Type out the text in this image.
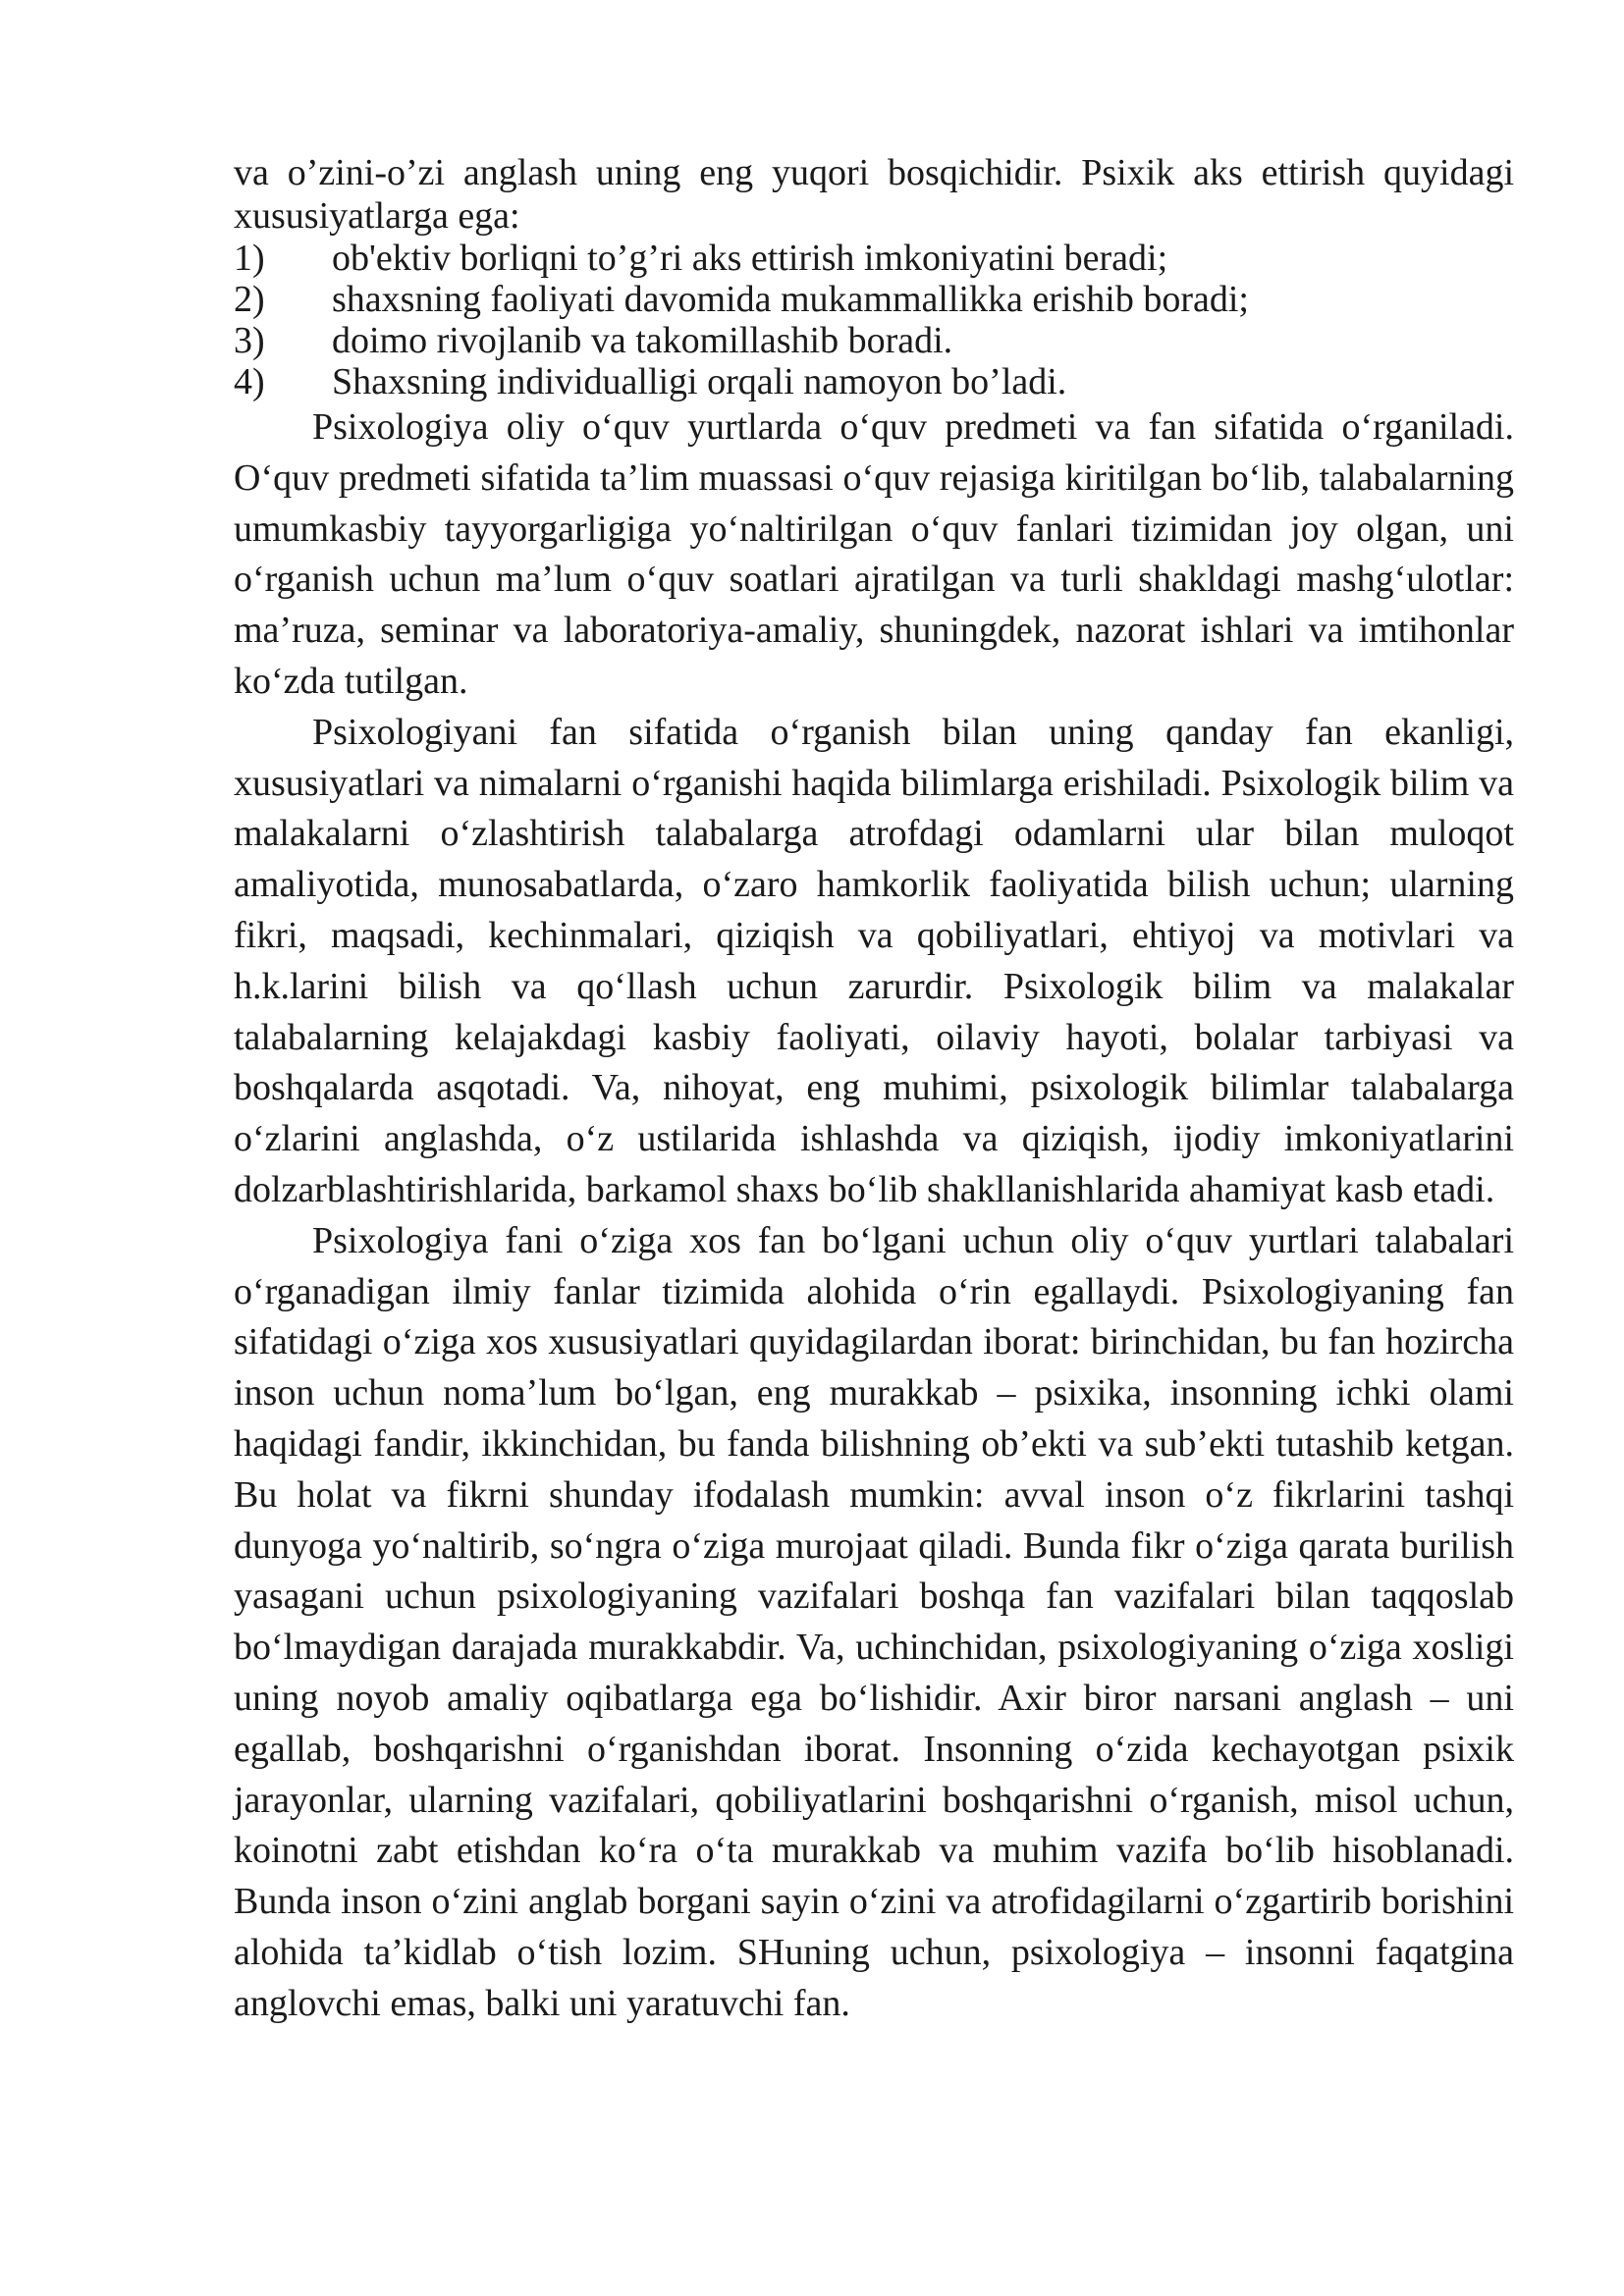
va o’zini-o’zi anglash uning eng yuqori bosqichidir. Psixik aks ettirish quyidagi xususiyatlarga ega:

1)	ob'ektiv borliqni to’g’ri aks ettirish imkoniyatini beradi;
2)	shaxsning faoliyati davomida mukammallikka erishib boradi;
3)	doimo rivojlanib va takomillashib boradi.
4)	Shaxsning individualligi orqali namoyon bo’ladi.

Psixologiya oliy o‘quv yurtlarda o‘quv predmeti va fan sifatida o‘rganiladi. O‘quv predmeti sifatida ta’lim muassasi o‘quv rejasiga kiritilgan bo‘lib, talabalarning umumkasbiy tayyorgarligiga yo‘naltirilgan o‘quv fanlari tizimidan joy olgan, uni o‘rganish uchun ma’lum o‘quv soatlari ajratilgan va turli shakldagi mashg‘ulotlar: ma’ruza, seminar va laboratoriya-amaliy, shuningdek, nazorat ishlari va imtihonlar ko‘zda tutilgan.

Psixologiyani fan sifatida o‘rganish bilan uning qanday fan ekanligi, xususiyatlari va nimalarni o‘rganishi haqida bilimlarga erishiladi. Psixologik bilim va malakalarni o‘zlashtirish talabalarga atrofdagi odamlarni ular bilan muloqot amaliyotida, munosabatlarda, o‘zaro hamkorlik faoliyatida bilish uchun; ularning fikri, maqsadi, kechinmalari, qiziqish va qobiliyatlari, ehtiyoj va motivlari va h.k.larini bilish va qo‘llash uchun zarurdir. Psixologik bilim va malakalar talabalarning kelajakdagi kasbiy faoliyati, oilaviy hayoti, bolalar tarbiyasi va boshqalarda asqotadi. Va, nihoyat, eng muhimi, psixologik bilimlar talabalarga o‘zlarini anglashda, o‘z ustilarida ishlashda va qiziqish, ijodiy imkoniyatlarini dolzarblashtirishlarida, barkamol shaxs bo‘lib shakllanishlarida ahamiyat kasb etadi.

Psixologiya fani o‘ziga xos fan bo‘lgani uchun oliy o‘quv yurtlari talabalari o‘rganadigan ilmiy fanlar tizimida alohida o‘rin egallaydi. Psixologiyaning fan sifatidagi o‘ziga xos xususiyatlari quyidagilardan iborat: birinchidan, bu fan hozircha inson uchun noma’lum bo‘lgan, eng murakkab – psixika, insonning ichki olami haqidagi fandir, ikkinchidan, bu fanda bilishning ob’ekti va sub’ekti tutashib ketgan. Bu holat va fikrni shunday ifodalash mumkin: avval inson o‘z fikrlarini tashqi dunyoga yo‘naltirib, so‘ngra o‘ziga murojaat qiladi. Bunda fikr o‘ziga qarata burilish yasagani uchun psixologiyaning vazifalari boshqa fan vazifalari bilan taqqoslab bo‘lmaydigan darajada murakkabdir. Va, uchinchidan, psixologiyaning o‘ziga xosligi uning noyob amaliy oqibatlarga ega bo‘lishidir. Axir biror narsani anglash – uni egallab, boshqarishni o‘rganishdan iborat. Insonning o‘zida kechayotgan psixik jarayonlar, ularning vazifalari, qobiliyatlarini boshqarishni o‘rganish, misol uchun, koinotni zabt etishdan ko‘ra o‘ta murakkab va muhim vazifa bo‘lib hisoblanadi. Bunda inson o‘zini anglab borgani sayin o‘zini va atrofidagilarni o‘zgartirib borishini alohida ta’kidlab o‘tish lozim. SHuning uchun, psixologiya – insonni faqatgina anglovchi emas, balki uni yaratuvchi fan.
